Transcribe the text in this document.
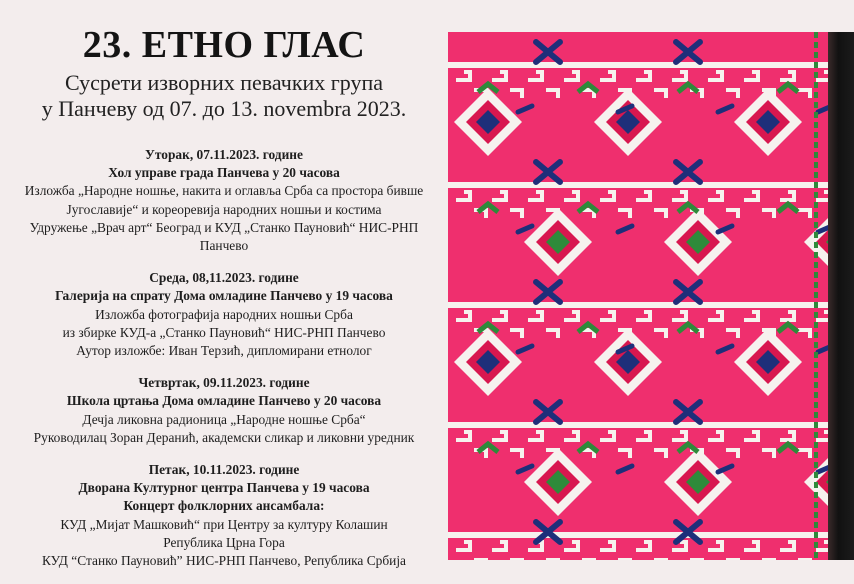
23. ЕТНО ГЛАС
Сусрети изворних певачких група
у Панчеву од 07. до 13. novembra 2023.

Уторак, 07.11.2023. године

Хол управе града Панчева у 20 часова

Изложба „Народне ношње, накита и оглавља Срба са простора бивше

Југославије“ и кореоревија народних ношњи и костима

Удружење „Врач арт“ Београд и КУД „Станко Пауновић“ НИС-РНП

Панчево

Среда, 08,11.2023. године

Галерија на спрату Дома омладине Панчево у 19 часова

Изложба фотографија народних ношњи Срба

из збирке КУД-а „Станко Пауновић“ НИС-РНП Панчево

Аутор изложбе: Иван Терзић, дипломирани етнолог

Четвртак, 09.11.2023. године

Школа цртања Дома омладине Панчево у 20 часова

Дечја ликовна радионица „Народне ношње Срба“

Руководилац Зоран Деранић, академски сликар и ликовни уредник

Петак, 10.11.2023. године

Дворана Културног центра Панчева у 19 часова

Концерт фолклорних ансамбала:

КУД „Мијат Машковић“ при Центру за културу Колашин

Република Црна Гора

КУД “Станко Пауновић” НИС-РНП Панчево, Република Србија
